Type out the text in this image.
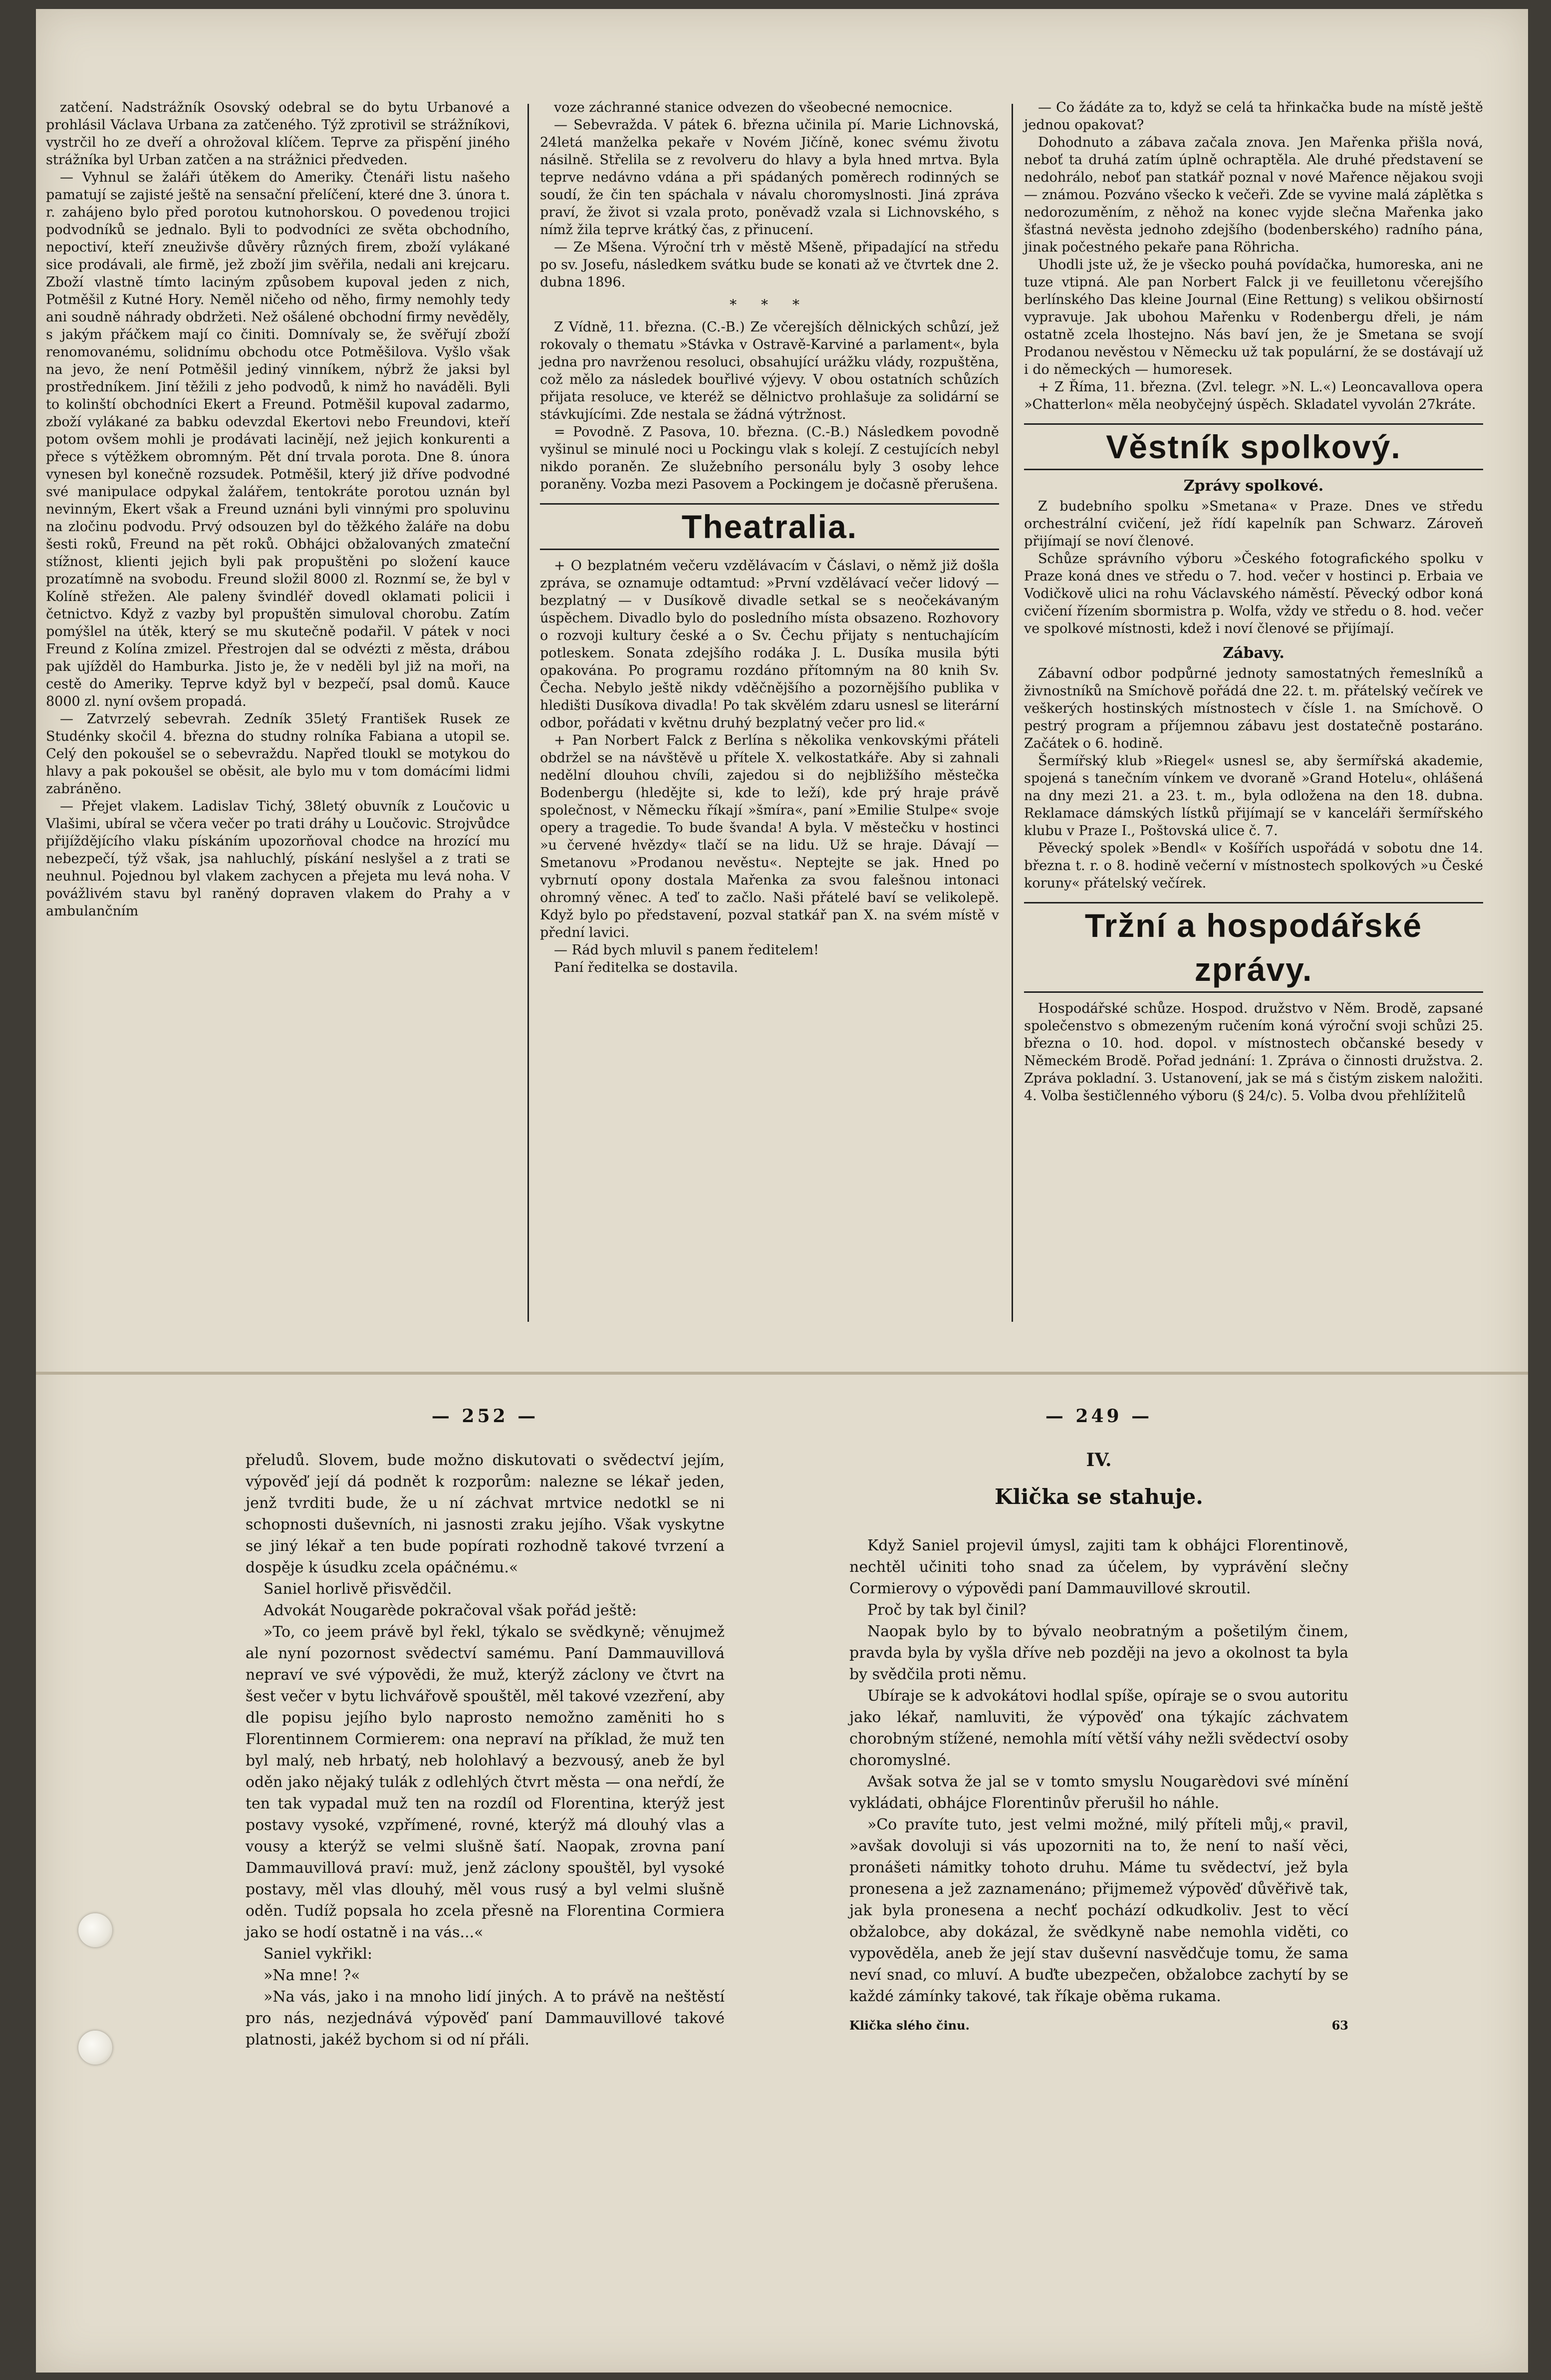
zatčení. Nadstrážník Osovský odebral se do bytu Urbanové a prohlásil Václava Urbana za zatčeného. Týž zprotivil se strážníkovi, vystrčil ho ze dveří a ohrožoval klíčem. Teprve za přispění jiného strážníka byl Urban zatčen a na strážnici předveden.

— Vyhnul se žaláři útěkem do Ameriky. Čtenáři listu našeho pamatují se zajisté ještě na sensační přelíčení, které dne 3. února t. r. zahájeno bylo před porotou kutnohorskou. O povedenou trojici podvodníků se jednalo. Byli to podvodníci ze světa obchodního, nepoctiví, kteří zneuživše důvěry různých firem, zboží vylákané sice prodávali, ale firmě, jež zboží jim svěřila, nedali ani krejcaru. Zboží vlastně tímto laciným způsobem kupoval jeden z nich, Potměšil z Kutné Hory. Neměl ničeho od něho, firmy nemohly tedy ani soudně náhrady obdržeti. Než ošálené obchodní firmy nevěděly, s jakým přáčkem mají co činiti. Domnívaly se, že svěřují zboží renomovanému, solidnímu obchodu otce Potměšilova. Vyšlo však na jevo, že není Potměšil jediný vinníkem, nýbrž že jaksi byl prostředníkem. Jiní těžili z jeho podvodů, k nimž ho naváděli. Byli to kolinští obchodníci Ekert a Freund. Potměšil kupoval zadarmo, zboží vylákané za babku odevzdal Ekertovi nebo Freundovi, kteří potom ovšem mohli je prodávati lacinějí, než jejich konkurenti a přece s výtěžkem obromným. Pět dní trvala porota. Dne 8. února vynesen byl konečně rozsudek. Potměšil, který již dříve podvodné své manipulace odpykal žalářem, tentokráte porotou uznán byl nevinným, Ekert však a Freund uznáni byli vinnými pro spoluvinu na zločinu podvodu. Prvý odsouzen byl do těžkého žaláře na dobu šesti roků, Freund na pět roků. Obhájci obžalovaných zmateční stížnost, klienti jejich byli pak propuštěni po složení kauce prozatímně na svobodu. Freund složil 8000 zl. Roznmí se, že byl v Kolíně střežen. Ale paleny švindléř dovedl oklamati policii i četnictvo. Když z vazby byl propuštěn simuloval chorobu. Zatím pomýšlel na útěk, který se mu skutečně podařil. V pátek v noci Freund z Kolína zmizel. Přestrojen dal se odvézti z města, drábou pak ujížděl do Hamburka. Jisto je, že v neděli byl již na moři, na cestě do Ameriky. Teprve když byl v bezpečí, psal domů. Kauce 8000 zl. nyní ovšem propadá.

— Zatvrzelý sebevrah. Zedník 35letý František Rusek ze Studénky skočil 4. března do studny rolníka Fabiana a utopil se. Celý den pokoušel se o sebevraždu. Napřed tloukl se motykou do hlavy a pak pokoušel se oběsit, ale bylo mu v tom domácími lidmi zabráněno.

— Přejet vlakem. Ladislav Tichý, 38letý obuvník z Loučovic u Vlašimi, ubíral se včera večer po trati dráhy u Loučovic. Strojvůdce přijíždějícího vlaku pískáním upozorňoval chodce na hrozící mu nebezpečí, týž však, jsa nahluchlý, pískání neslyšel a z trati se neuhnul. Pojednou byl vlakem zachycen a přejeta mu levá noha. V povážlivém stavu byl raněný dopraven vlakem do Prahy a v ambulančním

voze záchranné stanice odvezen do všeobecné nemocnice.

— Sebevražda. V pátek 6. března učinila pí. Marie Lichnovská, 24letá manželka pekaře v Novém Jičíně, konec svému životu násilně. Střelila se z revolveru do hlavy a byla hned mrtva. Byla teprve nedávno vdána a při spádaných poměrech rodinných se soudí, že čin ten spáchala v návalu choromyslnosti. Jiná zpráva praví, že život si vzala proto, poněvadž vzala si Lichnovského, s nímž žila teprve krátký čas, z přinucení.

— Ze Mšena. Výroční trh v městě Mšeně, připadající na středu po sv. Josefu, následkem svátku bude se konati až ve čtvrtek dne 2. dubna 1896.

* * *

Z Vídně, 11. března. (C.-B.) Ze včerejších dělnických schůzí, jež rokovaly o thematu »Stávka v Ostravě-Karviné a parlament«, byla jedna pro navrženou resoluci, obsahující urážku vlády, rozpuštěna, což mělo za následek bouřlivé výjevy. V obou ostatních schůzích přijata resoluce, ve kteréž se dělnictvo prohlašuje za solidární se stávkujícími. Zde nestala se žádná výtržnost.

= Povodně. Z Pasova, 10. března. (C.-B.) Následkem povodně vyšinul se minulé noci u Pockingu vlak s kolejí. Z cestujících nebyl nikdo poraněn. Ze služebního personálu byly 3 osoby lehce poraněny. Vozba mezi Pasovem a Pockingem je dočasně přerušena.

Theatralia.

+ O bezplatném večeru vzdělávacím v Čáslavi, o němž již došla zpráva, se oznamuje odtamtud: »První vzdělávací večer lidový — bezplatný — v Dusíkově divadle setkal se s neočekávaným úspěchem. Divadlo bylo do posledního místa obsazeno. Rozhovory o rozvoji kultury české a o Sv. Čechu přijaty s nentuchajícím potleskem. Sonata zdejšího rodáka J. L. Dusíka musila býti opakována. Po programu rozdáno přítomným na 80 knih Sv. Čecha. Nebylo ještě nikdy vděčnějšího a pozornějšího publika v hledišti Dusíkova divadla! Po tak skvělém zdaru usnesl se literární odbor, pořádati v květnu druhý bezplatný večer pro lid.«

+ Pan Norbert Falck z Berlína s několika venkovskými přáteli obdržel se na návštěvě u přítele X. velkostatkáře. Aby si zahnali nedělní dlouhou chvíli, zajedou si do nejbližšího městečka Bodenbergu (hledějte si, kde to leží), kde prý hraje právě společnost, v Německu říkají »šmíra«, paní »Emilie Stulpe« svoje opery a tragedie. To bude švanda! A byla. V městečku v hostinci »u červené hvězdy« tlačí se na lidu. Už se hraje. Dávají — Smetanovu »Prodanou nevěstu«. Neptejte se jak. Hned po vybrnutí opony dostala Mařenka za svou falešnou intonaci ohromný věnec. A teď to začlo. Naši přátelé baví se velikolepě. Když bylo po představení, pozval statkář pan X. na svém místě v přední lavici.

— Rád bych mluvil s panem ředitelem!

Paní ředitelka se dostavila.

— Co žádáte za to, když se celá ta hřinkačka bude na místě ještě jednou opakovat?

Dohodnuto a zábava začala znova. Jen Mařenka přišla nová, neboť ta druhá zatím úplně ochraptěla. Ale druhé představení se nedohrálo, neboť pan statkář poznal v nové Mařence nějakou svoji — známou. Pozváno všecko k večeři. Zde se vyvine malá záplětka s nedorozuměním, z něhož na konec vyjde slečna Mařenka jako šťastná nevěsta jednoho zdejšího (bodenberského) radního pána, jinak počestného pekaře pana Röhricha.

Uhodli jste už, že je všecko pouhá povídačka, humoreska, ani ne tuze vtipná. Ale pan Norbert Falck ji ve feuilletonu včerejšího berlínského Das kleine Journal (Eine Rettung) s velikou obširností vypravuje. Jak ubohou Mařenku v Rodenbergu dřeli, je nám ostatně zcela lhostejno. Nás baví jen, že je Smetana se svojí Prodanou nevěstou v Německu už tak populární, že se dostávají už i do německých — humoresek.

+ Z Říma, 11. března. (Zvl. telegr. »N. L.«) Leoncavallova opera »Chatterlon« měla neobyčejný úspěch. Skladatel vyvolán 27kráte.

Věstník spolkový.
Zprávy spolkové.

Z budebního spolku »Smetana« v Praze. Dnes ve středu orchestrální cvičení, jež řídí kapelník pan Schwarz. Zároveň přijímají se noví členové.

Schůze správního výboru »Českého fotografického spolku v Praze koná dnes ve středu o 7. hod. večer v hostinci p. Erbaia ve Vodičkově ulici na rohu Václavského náměstí. Pěvecký odbor koná cvičení řízením sbormistra p. Wolfa, vždy ve středu o 8. hod. večer ve spolkové místnosti, kdež i noví členové se přijímají.

Zábavy.

Zábavní odbor podpůrné jednoty samostatných řemeslníků a živnostníků na Smíchově pořádá dne 22. t. m. přátelský večírek ve veškerých hostinských místnostech v čísle 1. na Smíchově. O pestrý program a příjemnou zábavu jest dostatečně postaráno. Začátek o 6. hodině.

Šermířský klub »Riegel« usnesl se, aby šermířská akademie, spojená s tanečním vínkem ve dvoraně »Grand Hotelu«, ohlášená na dny mezi 21. a 23. t. m., byla odložena na den 18. dubna. Reklamace dámských lístků přijímají se v kanceláři šermířského klubu v Praze I., Poštovská ulice č. 7.

Pěvecký spolek »Bendl« v Košířích uspořádá v sobotu dne 14. března t. r. o 8. hodině večerní v místnostech spolkových »u České koruny« přátelský večírek.

Tržní a hospodářské zprávy.

Hospodářské schůze. Hospod. družstvo v Něm. Brodě, zapsané společenstvo s obmezeným ručením koná výroční svoji schůzi 25. března o 10. hod. dopol. v místnostech občanské besedy v Německém Brodě. Pořad jednání: 1. Zpráva o činnosti družstva. 2. Zpráva pokladní. 3. Ustanovení, jak se má s čistým ziskem naložiti. 4. Volba šestičlenného výboru (§ 24/c). 5. Volba dvou přehlížitelů

— 252 —

přeludů. Slovem, bude možno diskutovati o svědectví jejím, výpověď její dá podnět k rozporům: nalezne se lékař jeden, jenž tvrditi bude, že u ní záchvat mrtvice nedotkl se ni schopnosti duševních, ni jasnosti zraku jejího. Však vyskytne se jiný lékař a ten bude popírati rozhodně takové tvrzení a dospěje k úsudku zcela opáčnému.«

Saniel horlivě přisvědčil.

Advokát Nougarède pokračoval však pořád ještě:

»To, co jeem právě byl řekl, týkalo se svědkyně; věnujmež ale nyní pozornost svědectví samému. Paní Dammauvillová nepraví ve své výpovědi, že muž, kterýž záclony ve čtvrt na šest večer v bytu lichvářově spouštěl, měl takové vzezření, aby dle popisu jejího bylo naprosto nemožno zaměniti ho s Florentinnem Cormierem: ona nepraví na příklad, že muž ten byl malý, neb hrbatý, neb holohlavý a bezvousý, aneb že byl oděn jako nějaký tulák z odlehlých čtvrt města — ona neřdí, že ten tak vypadal muž ten na rozdíl od Florentina, kterýž jest postavy vysoké, vzpřímené, rovné, kterýž má dlouhý vlas a vousy a kterýž se velmi slušně šatí. Naopak, zrovna paní Dammauvillová praví: muž, jenž záclony spouštěl, byl vysoké postavy, měl vlas dlouhý, měl vous rusý a byl velmi slušně oděn. Tudíž popsala ho zcela přesně na Florentina Cormiera jako se hodí ostatně i na vás...«

Saniel vykřikl:

»Na mne! ?«

»Na vás, jako i na mnoho lidí jiných. A to právě na neštěstí pro nás, nezjednává výpověď paní Dammauvillové takové platnosti, jakéž bychom si od ní přáli.

— 249 —
IV.
Klička se stahuje.

Když Saniel projevil úmysl, zajiti tam k obhájci Florentinově, nechtěl učiniti toho snad za účelem, by vyprávění slečny Cormierovy o výpovědi paní Dammauvillové skroutil.

Proč by tak byl činil?

Naopak bylo by to bývalo neobratným a pošetilým činem, pravda byla by vyšla dříve neb později na jevo a okolnost ta byla by svědčila proti němu.

Ubírajе se k advokátovi hodlal spíše, opíraje se o svou autoritu jako lékař, namluviti, že výpověď ona týkajíc záchvatem chorobným stížené, nemohla mítí větší váhy nežli svědectví osoby choromyslné.

Avšak sotva že jal se v tomto smyslu Nougarèdovi své mínění vykládati, obhájce Florentinův přerušil ho náhle.

»Co pravíte tuto, jest velmi možné, milý příteli můj,« pravil, »avšak dovoluji si vás upozorniti na to, že není to naší věci, pronášeti námitky tohoto druhu. Máme tu svědectví, jež byla pronesena a jež zaznamenáno; přijmemež výpověď důvěřivě tak, jak byla pronesena a nechť pochází odkudkoliv. Jest to věcí obžalobce, aby dokázal, že svědkyně nabe nemohla viděti, co vypověděla, aneb že její stav duševní nasvědčuje tomu, že sama neví snad, co mluví. A buďte ubezpečen, obžalobce zachytí by se každé zámínky takové, tak říkaje oběma rukama.

Klička slého činu.	63
